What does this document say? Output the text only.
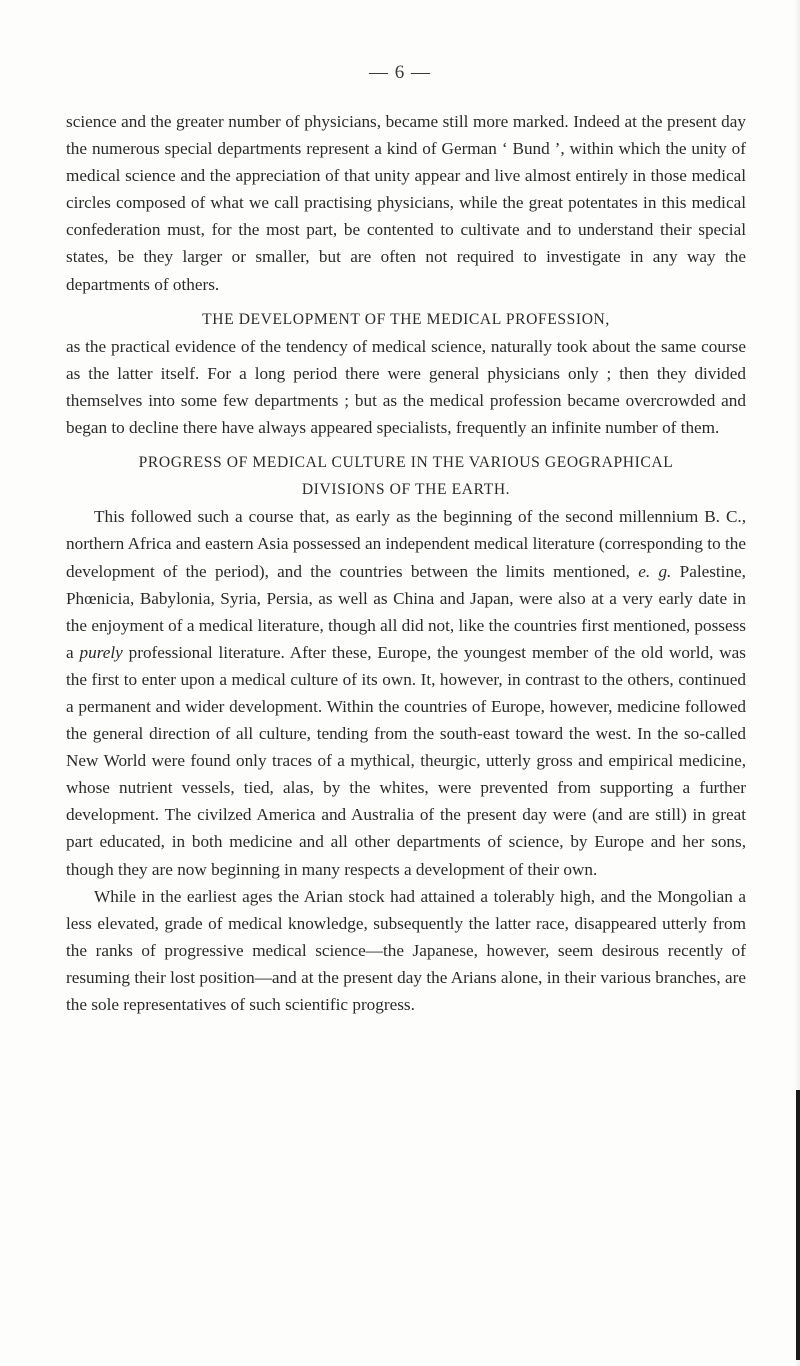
— 6 —

science and the greater number of physicians, became still more marked. Indeed at the present day the numerous special departments represent a kind of German ‘ Bund ’, within which the unity of medical science and the appreciation of that unity appear and live almost entirely in those medical circles composed of what we call practising physicians, while the great potentates in this medical confederation must, for the most part, be contented to cultivate and to understand their special states, be they larger or smaller, but are often not required to investigate in any way the departments of others.

THE DEVELOPMENT OF THE MEDICAL PROFESSION,

as the practical evidence of the tendency of medical science, naturally took about the same course as the latter itself. For a long period there were general physicians only ; then they divided themselves into some few departments ; but as the medical profession became overcrowded and began to decline there have always appeared specialists, frequently an infinite number of them.

PROGRESS OF MEDICAL CULTURE IN THE VARIOUS GEOGRAPHICAL
DIVISIONS OF THE EARTH.

This followed such a course that, as early as the beginning of the second millennium B. C., northern Africa and eastern Asia possessed an independent medical literature (corresponding to the development of the period), and the countries between the limits mentioned, e. g. Palestine, Phœnicia, Babylonia, Syria, Persia, as well as China and Japan, were also at a very early date in the enjoyment of a medical literature, though all did not, like the countries first mentioned, possess a purely professional literature. After these, Europe, the youngest member of the old world, was the first to enter upon a medical culture of its own. It, however, in contrast to the others, continued a permanent and wider development. Within the countries of Europe, however, medicine followed the general direction of all culture, tending from the south-east toward the west. In the so-called New World were found only traces of a mythical, theurgic, utterly gross and empirical medicine, whose nutrient vessels, tied, alas, by the whites, were prevented from supporting a further development. The civilzed America and Australia of the present day were (and are still) in great part educated, in both medicine and all other departments of science, by Europe and her sons, though they are now beginning in many respects a development of their own.

While in the earliest ages the Arian stock had attained a tolerably high, and the Mongolian a less elevated, grade of medical knowledge, subsequently the latter race, disappeared utterly from the ranks of progressive medical science—the Japanese, however, seem desirous recently of resuming their lost position—and at the present day the Arians alone, in their various branches, are the sole representatives of such scientific progress.
